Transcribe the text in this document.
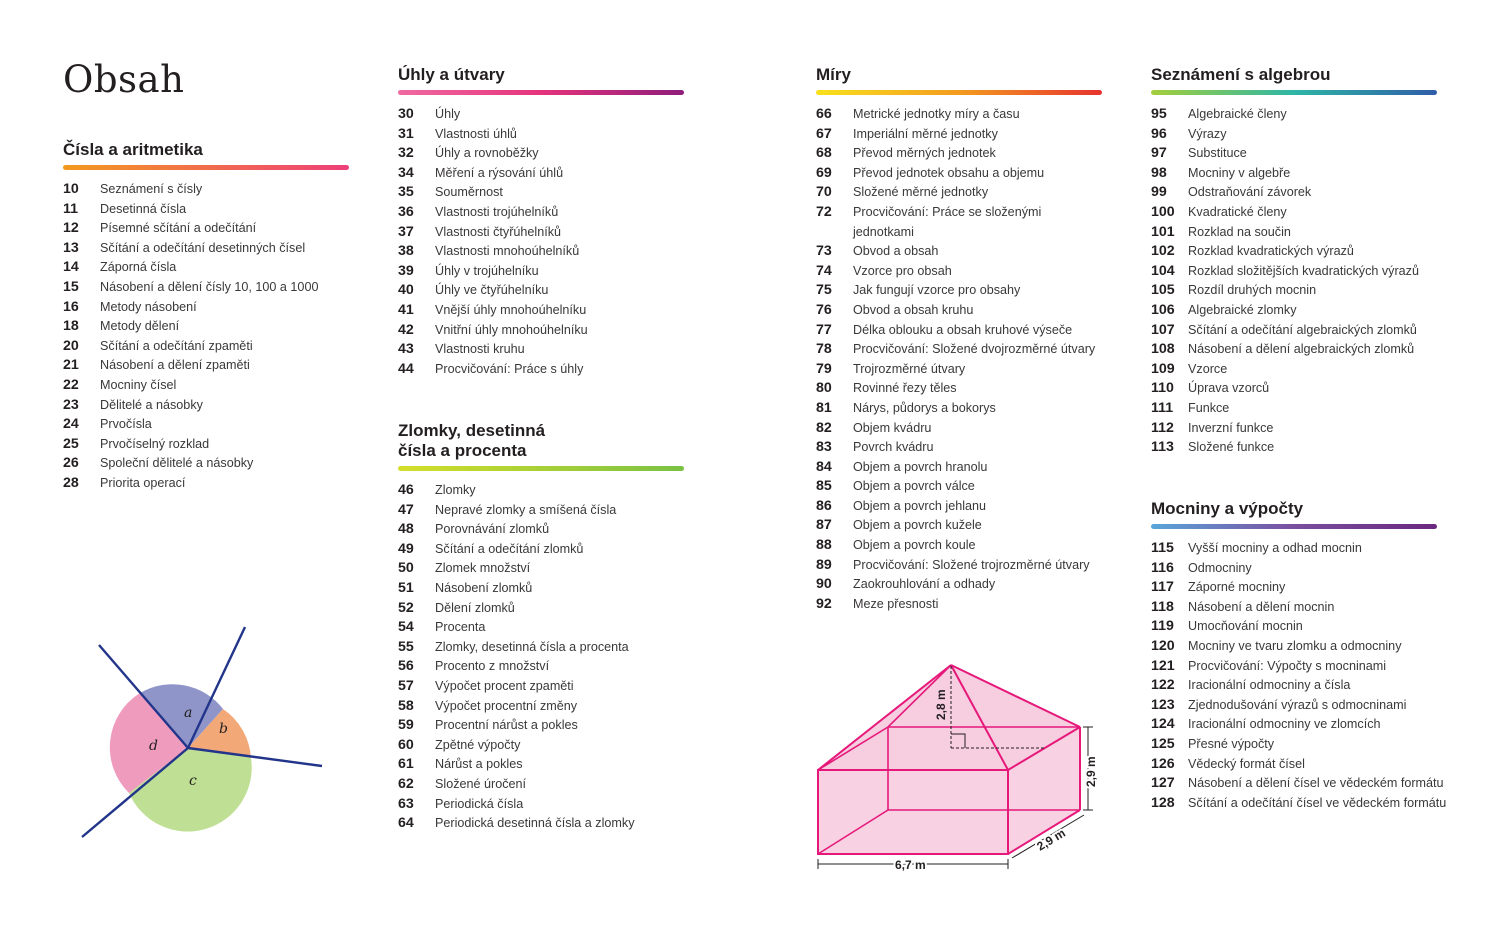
Obsah
Čísla a aritmetika
10	Seznámení s čísly
11	Desetinná čísla
12	Písemné sčítání a odečítání
13	Sčítání a odečítání desetinných čísel
14	Záporná čísla
15	Násobení a dělení čísly 10, 100 a 1000
16	Metody násobení
18	Metody dělení
20	Sčítání a odečítání zpaměti
21	Násobení a dělení zpaměti
22	Mocniny čísel
23	Dělitelé a násobky
24	Prvočísla
25	Prvočíselný rozklad
26	Společní dělitelé a násobky
28	Priorita operací
Úhly a útvary
30	Úhly
31	Vlastnosti úhlů
32	Úhly a rovnoběžky
34	Měření a rýsování úhlů
35	Souměrnost
36	Vlastnosti trojúhelníků
37	Vlastnosti čtyřúhelníků
38	Vlastnosti mnohoúhelníků
39	Úhly v trojúhelníku
40	Úhly ve čtyřúhelníku
41	Vnější úhly mnohoúhelníku
42	Vnitřní úhly mnohoúhelníku
43	Vlastnosti kruhu
44	Procvičování: Práce s úhly
Zlomky, desetinná
čísla a procenta
46	Zlomky
47	Nepravé zlomky a smíšená čísla
48	Porovnávání zlomků
49	Sčítání a odečítání zlomků
50	Zlomek množství
51	Násobení zlomků
52	Dělení zlomků
54	Procenta
55	Zlomky, desetinná čísla a procenta
56	Procento z množství
57	Výpočet procent zpaměti
58	Výpočet procentní změny
59	Procentní nárůst a pokles
60	Zpětné výpočty
61	Nárůst a pokles
62	Složené úročení
63	Periodická čísla
64	Periodická desetinná čísla a zlomky
Míry
66	Metrické jednotky míry a času
67	Imperiální měrné jednotky
68	Převod měrných jednotek
69	Převod jednotek obsahu a objemu
70	Složené měrné jednotky
72	Procvičování: Práce se složenými
jednotkami
73	Obvod a obsah
74	Vzorce pro obsah
75	Jak fungují vzorce pro obsahy
76	Obvod a obsah kruhu
77	Délka oblouku a obsah kruhové výseče
78	Procvičování: Složené dvojrozměrné útvary
79	Trojrozměrné útvary
80	Rovinné řezy těles
81	Nárys, půdorys a bokorys
82	Objem kvádru
83	Povrch kvádru
84	Objem a povrch hranolu
85	Objem a povrch válce
86	Objem a povrch jehlanu
87	Objem a povrch kužele
88	Objem a povrch koule
89	Procvičování: Složené trojrozměrné útvary
90	Zaokrouhlování a odhady
92	Meze přesnosti
Seznámení s algebrou
95	Algebraické členy
96	Výrazy
97	Substituce
98	Mocniny v algebře
99	Odstraňování závorek
100	Kvadratické členy
101	Rozklad na součin
102	Rozklad kvadratických výrazů
104	Rozklad složitějších kvadratických výrazů
105	Rozdíl druhých mocnin
106	Algebraické zlomky
107	Sčítání a odečítání algebraických zlomků
108	Násobení a dělení algebraických zlomků
109	Vzorce
110	Úprava vzorců
111	Funkce
112	Inverzní funkce
113	Složené funkce
Mocniny a výpočty
115	Vyšší mocniny a odhad mocnin
116	Odmocniny
117	Záporné mocniny
118	Násobení a dělení mocnin
119	Umocňování mocnin
120	Mocniny ve tvaru zlomku a odmocniny
121	Procvičování: Výpočty s mocninami
122	Iracionální odmocniny a čísla
123	Zjednodušování výrazů s odmocninami
124	Iracionální odmocniny ve zlomcích
125	Přesné výpočty
126	Vědecký formát čísel
127	Násobení a dělení čísel ve vědeckém formátu
128	Sčítání a odečítání čísel ve vědeckém formátu
a
b
c
d
6,7 m
2,9 m
2,9 m
2,8 m
